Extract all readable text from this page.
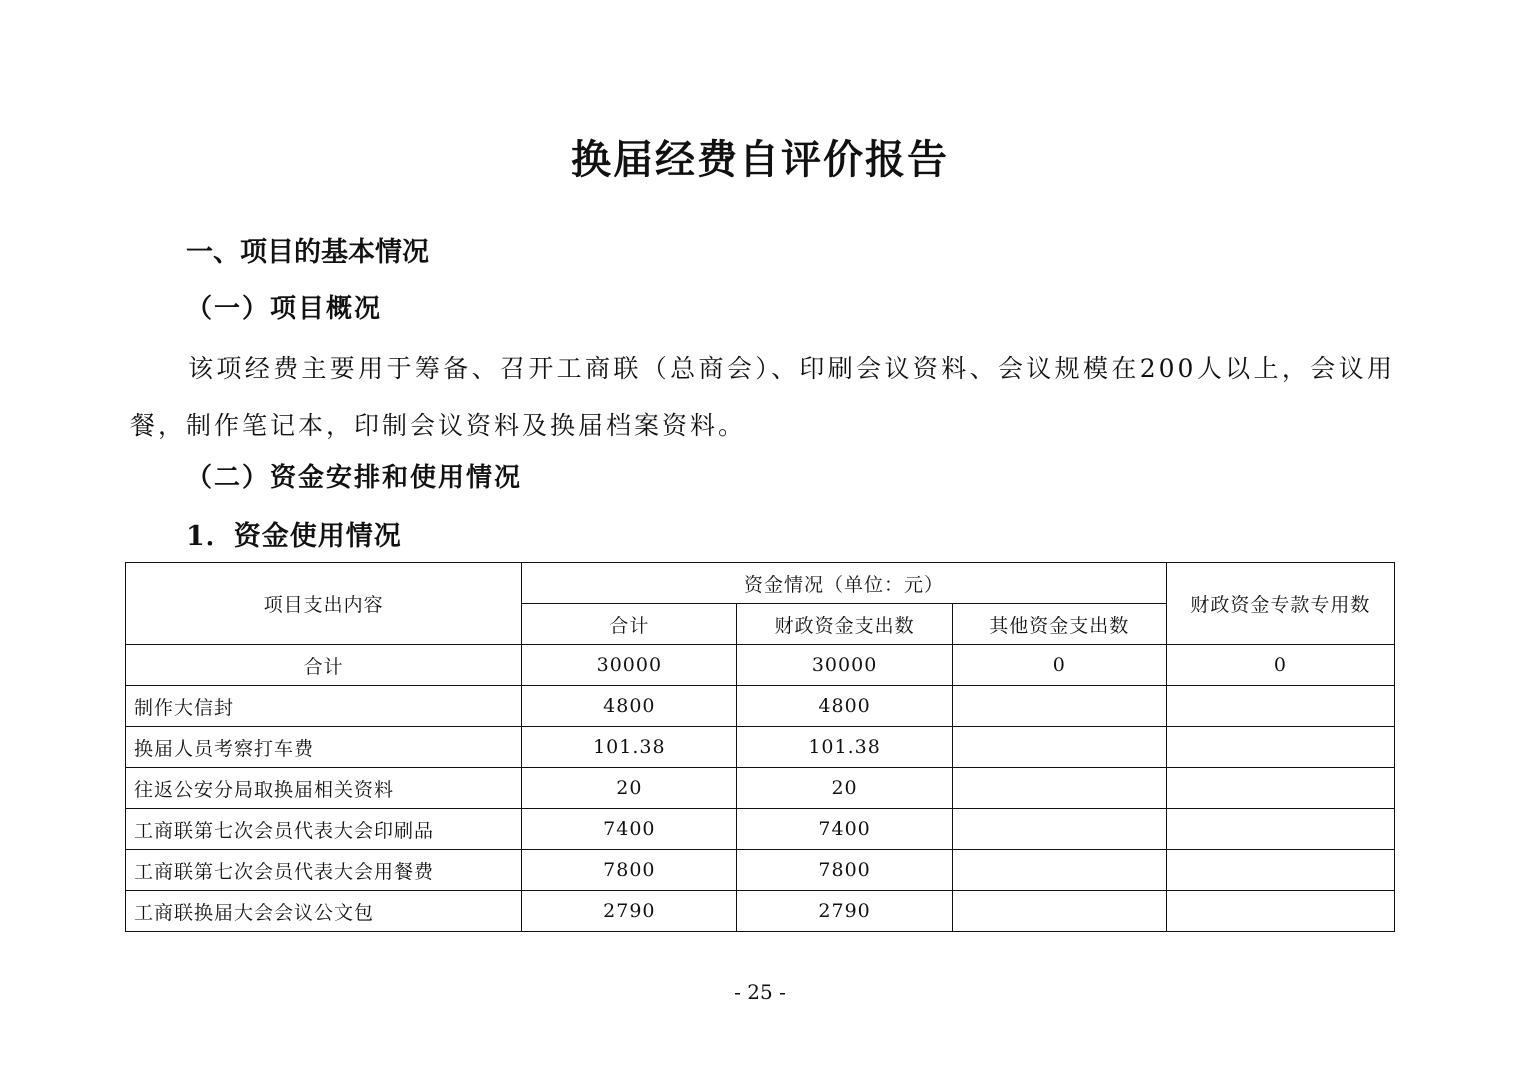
换届经费自评价报告
一、项目的基本情况
（一）项目概况
该项经费主要用于筹备、召开工商联（总商会）、印刷会议资料、会议规模在200人以上，会议用餐，制作笔记本，印制会议资料及换届档案资料。
（二）资金安排和使用情况
1．资金使用情况
项目支出内容	资金情况（单位：元）			财政资金专款专用数
	合计	财政资金支出数	其他资金支出数	
合计	30000	30000	0	0
制作大信封	4800	4800		
换届人员考察打车费	101.38	101.38		
往返公安分局取换届相关资料	20	20		
工商联第七次会员代表大会印刷品	7400	7400		
工商联第七次会员代表大会用餐费	7800	7800		
工商联换届大会会议公文包	2790	2790		
- 25 -
